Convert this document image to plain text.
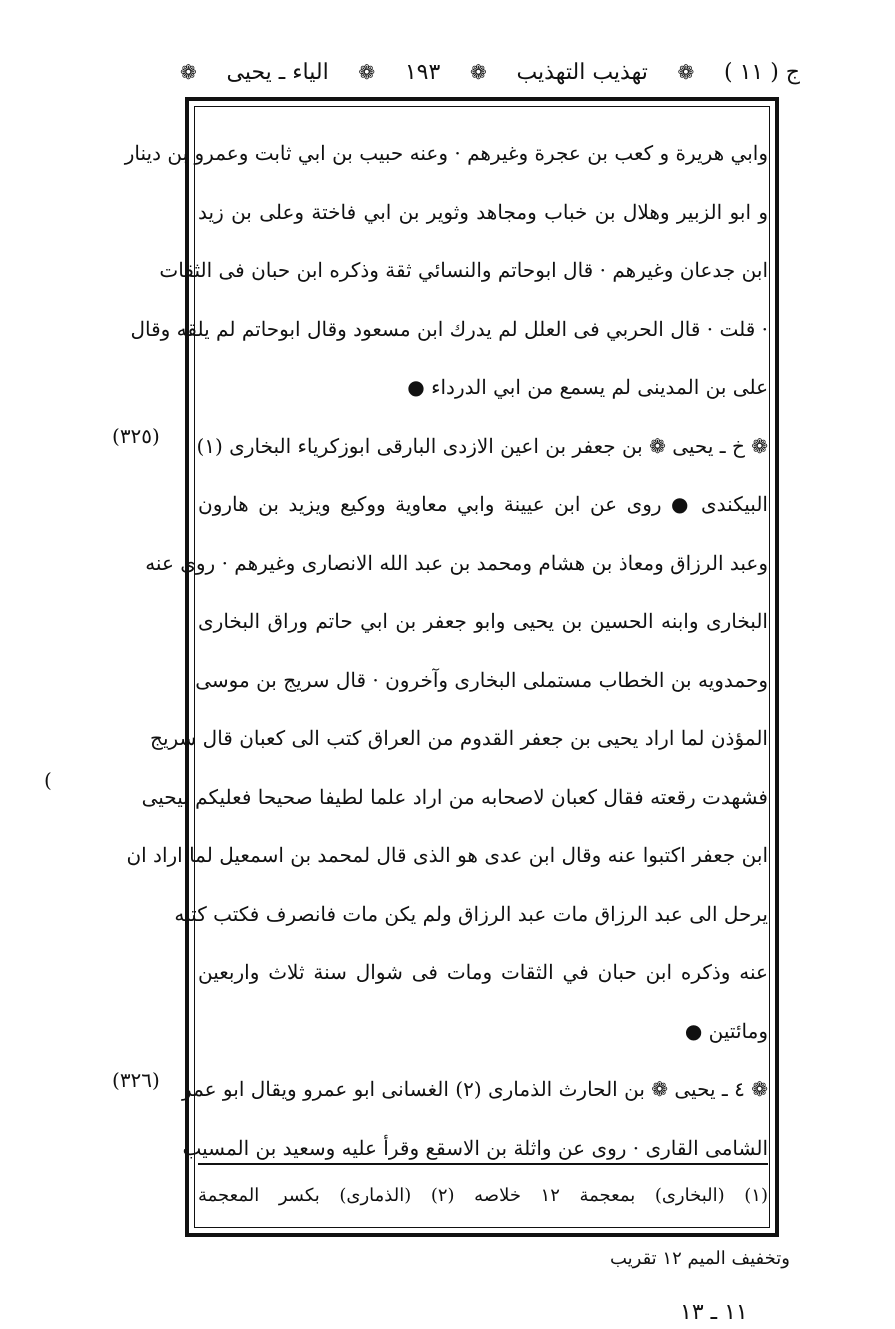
ج ( ١١ )
❁
تهذيب التهذيب
❁
١٩٣
❁
الياء ـ يحيى
❁
وابي هريرة و كعب بن عجرة وغيرهم · وعنه حبيب بن ابي ثابت وعمرو بن دينار
و ابو الزبير وهلال بن خباب ومجاهد وثوير بن ابي فاختة وعلى بن زيد
ابن جدعان وغيرهم · قال ابوحاتم والنسائي ثقة وذكره ابن حبان فى الثقات
· قلت · قال الحربي فى العلل لم يدرك ابن مسعود وقال ابوحاتم لم يلقه وقال
على بن المدينى لم يسمع من ابي الدرداء ●
❁ خ ـ يحيى ❁ بن جعفر بن اعين الازدى البارقى ابوزكرياء البخارى (١)
البيكندى ● روى عن ابن عيينة وابي معاوية ووكيع ويزيد بن هارون
وعبد الرزاق ومعاذ بن هشام ومحمد بن عبد الله الانصارى وغيرهم · روى عنه
البخارى وابنه الحسين بن يحيى وابو جعفر بن ابي حاتم وراق البخارى
وحمدويه بن الخطاب مستملى البخارى وآخرون · قال سريج بن موسى
المؤذن لما اراد يحيى بن جعفر القدوم من العراق كتب الى كعبان قال سريج
فشهدت رقعته فقال كعبان لاصحابه من اراد علما لطيفا صحيحا فعليكم بيحيى
ابن جعفر اكتبوا عنه وقال ابن عدى هو الذى قال لمحمد بن اسمعيل لما اراد ان
يرحل الى عبد الرزاق مات عبد الرزاق ولم يكن مات فانصرف فكتب كتبه
عنه وذكره ابن حبان في الثقات ومات فى شوال سنة ثلاث واربعين
ومائتين ●
❁ ٤ ـ يحيى ❁ بن الحارث الذمارى (٢) الغسانى ابو عمرو ويقال ابو عمر
الشامى القارى · روى عن واثلة بن الاسقع وقرأ عليه وسعيد بن المسيب
(٣٢٥)
(٣٢٦)
(
(١) (البخارى) بمعجمة ١٢ خلاصه (٢) (الذمارى) بكسر المعجمة
وتخفيف الميم ١٢ تقريب
١١ ـ ١٣
